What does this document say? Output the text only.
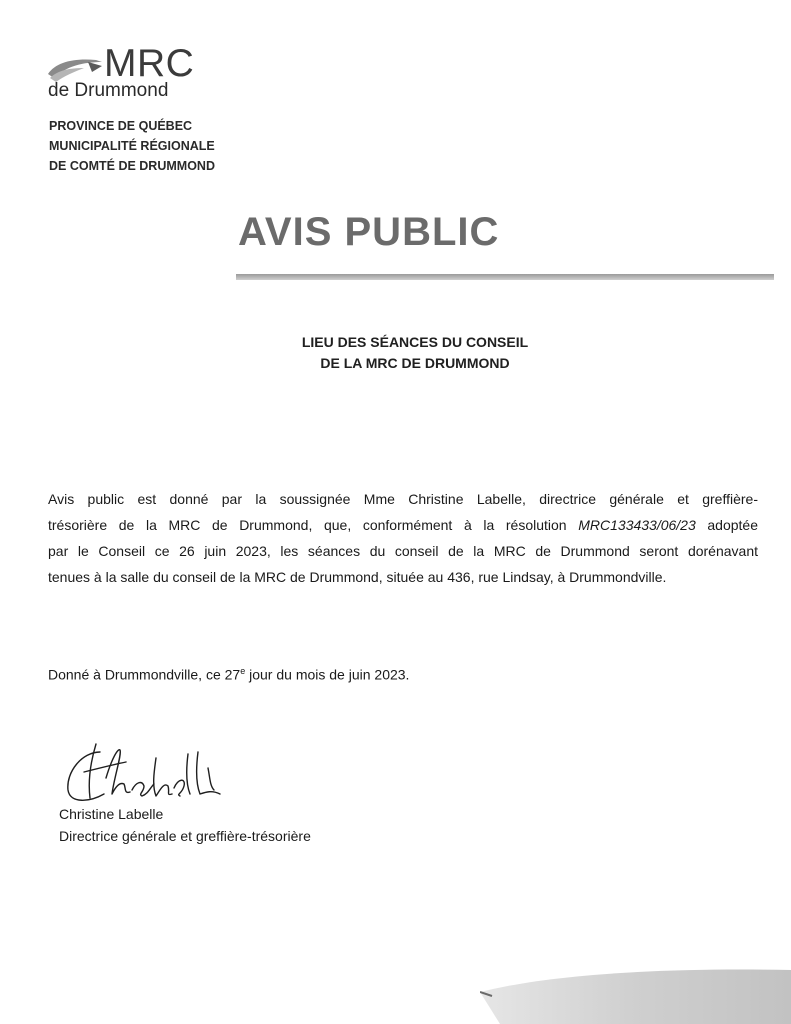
MRC
de Drummond
PROVINCE DE QUÉBEC
MUNICIPALITÉ RÉGIONALE
DE COMTÉ DE DRUMMOND
AVIS PUBLIC
LIEU DES SÉANCES DU CONSEIL
DE LA MRC DE DRUMMOND
Avis public est donné par la soussignée Mme Christine Labelle, directrice générale et greffière-
trésorière de la MRC de Drummond, que, conformément à la résolution MRC133433/06/23 adoptée
par le Conseil ce 26 juin 2023, les séances du conseil de la MRC de Drummond seront dorénavant
tenues à la salle du conseil de la MRC de Drummond, située au 436, rue Lindsay, à Drummondville.
Donné à Drummondville, ce 27e jour du mois de juin 2023.
Christine Labelle
Directrice générale et greffière-trésorière
